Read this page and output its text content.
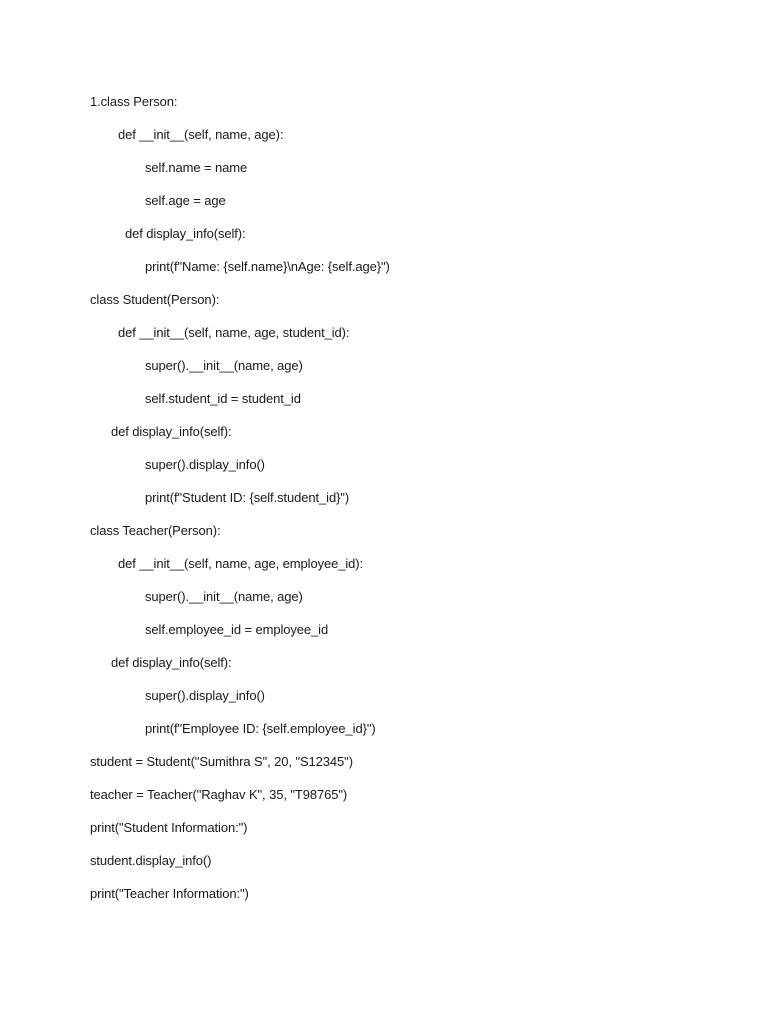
1.class Person:
def __init__(self, name, age):
self.name = name
self.age = age
def display_info(self):
print(f"Name: {self.name}\nAge: {self.age}")
class Student(Person):
def __init__(self, name, age, student_id):
super().__init__(name, age)
self.student_id = student_id
def display_info(self):
super().display_info()
print(f"Student ID: {self.student_id}")
class Teacher(Person):
def __init__(self, name, age, employee_id):
super().__init__(name, age)
self.employee_id = employee_id
def display_info(self):
super().display_info()
print(f"Employee ID: {self.employee_id}")
student = Student("Sumithra S", 20, "S12345")
teacher = Teacher("Raghav K", 35, "T98765")
print("Student Information:")
student.display_info()
print("Teacher Information:")
